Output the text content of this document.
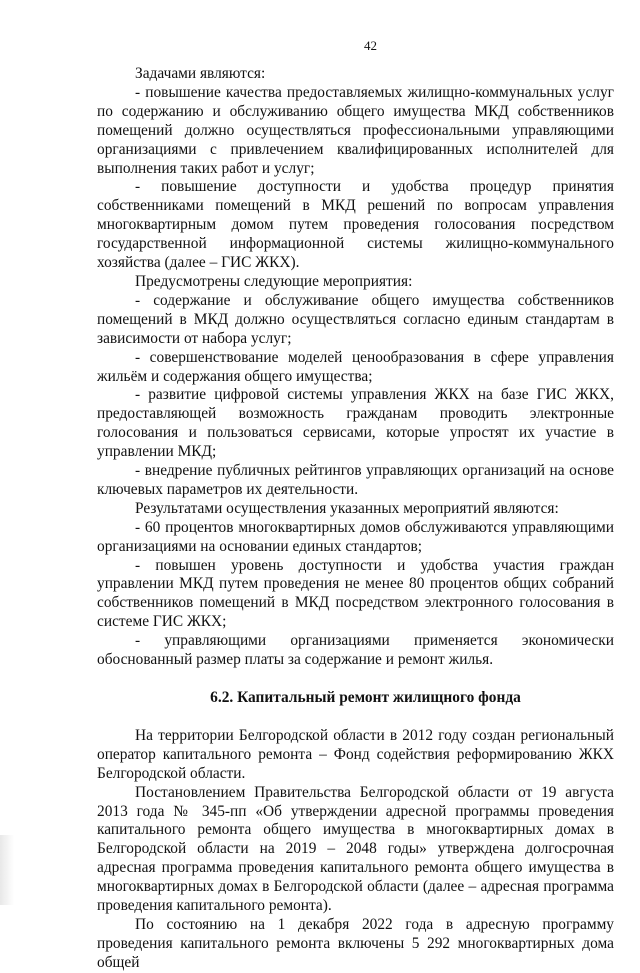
42

Задачами являются:

- повышение качества предоставляемых жилищно-коммунальных услуг по содержанию и обслуживанию общего имущества МКД собственников помещений должно осуществляться профессиональными управляющими организациями с привлечением квалифицированных исполнителей для выполнения таких работ и услуг;

- повышение доступности и удобства процедур принятия собственниками помещений в МКД решений по вопросам управления многоквартирным домом путем проведения голосования посредством государственной информационной системы жилищно-коммунального хозяйства (далее – ГИС ЖКХ).

Предусмотрены следующие мероприятия:

- содержание и обслуживание общего имущества собственников помещений в МКД должно осуществляться согласно единым стандартам в зависимости от набора услуг;

- совершенствование моделей ценообразования в сфере управления жильём и содержания общего имущества;

- развитие цифровой системы управления ЖКХ на базе ГИС ЖКХ, предоставляющей возможность гражданам проводить электронные голосования и пользоваться сервисами, которые упростят их участие в управлении МКД;

- внедрение публичных рейтингов управляющих организаций на основе ключевых параметров их деятельности.

Результатами осуществления указанных мероприятий являются:

- 60 процентов многоквартирных домов обслуживаются управляющими организациями на основании единых стандартов;

- повышен уровень доступности и удобства участия граждан управлении МКД путем проведения не менее 80 процентов общих собраний собственников помещений в МКД посредством электронного голосования в системе ГИС ЖКХ;

- управляющими организациями применяется экономически обоснованный размер платы за содержание и ремонт жилья.

6.2. Капитальный ремонт жилищного фонда

На территории Белгородской области в 2012 году создан региональный оператор капитального ремонта – Фонд содействия реформированию ЖКХ Белгородской области.

Постановлением Правительства Белгородской области от 19 августа 2013 года № 345-пп «Об утверждении адресной программы проведения капитального ремонта общего имущества в многоквартирных домах в Белгородской области на 2019 – 2048 годы» утверждена долгосрочная адресная программа проведения капитального ремонта общего имущества в многоквартирных домах в Белгородской области (далее – адресная программа проведения капитального ремонта).

По состоянию на 1 декабря 2022 года в адресную программу проведения капитального ремонта включены 5 292 многоквартирных дома общей
